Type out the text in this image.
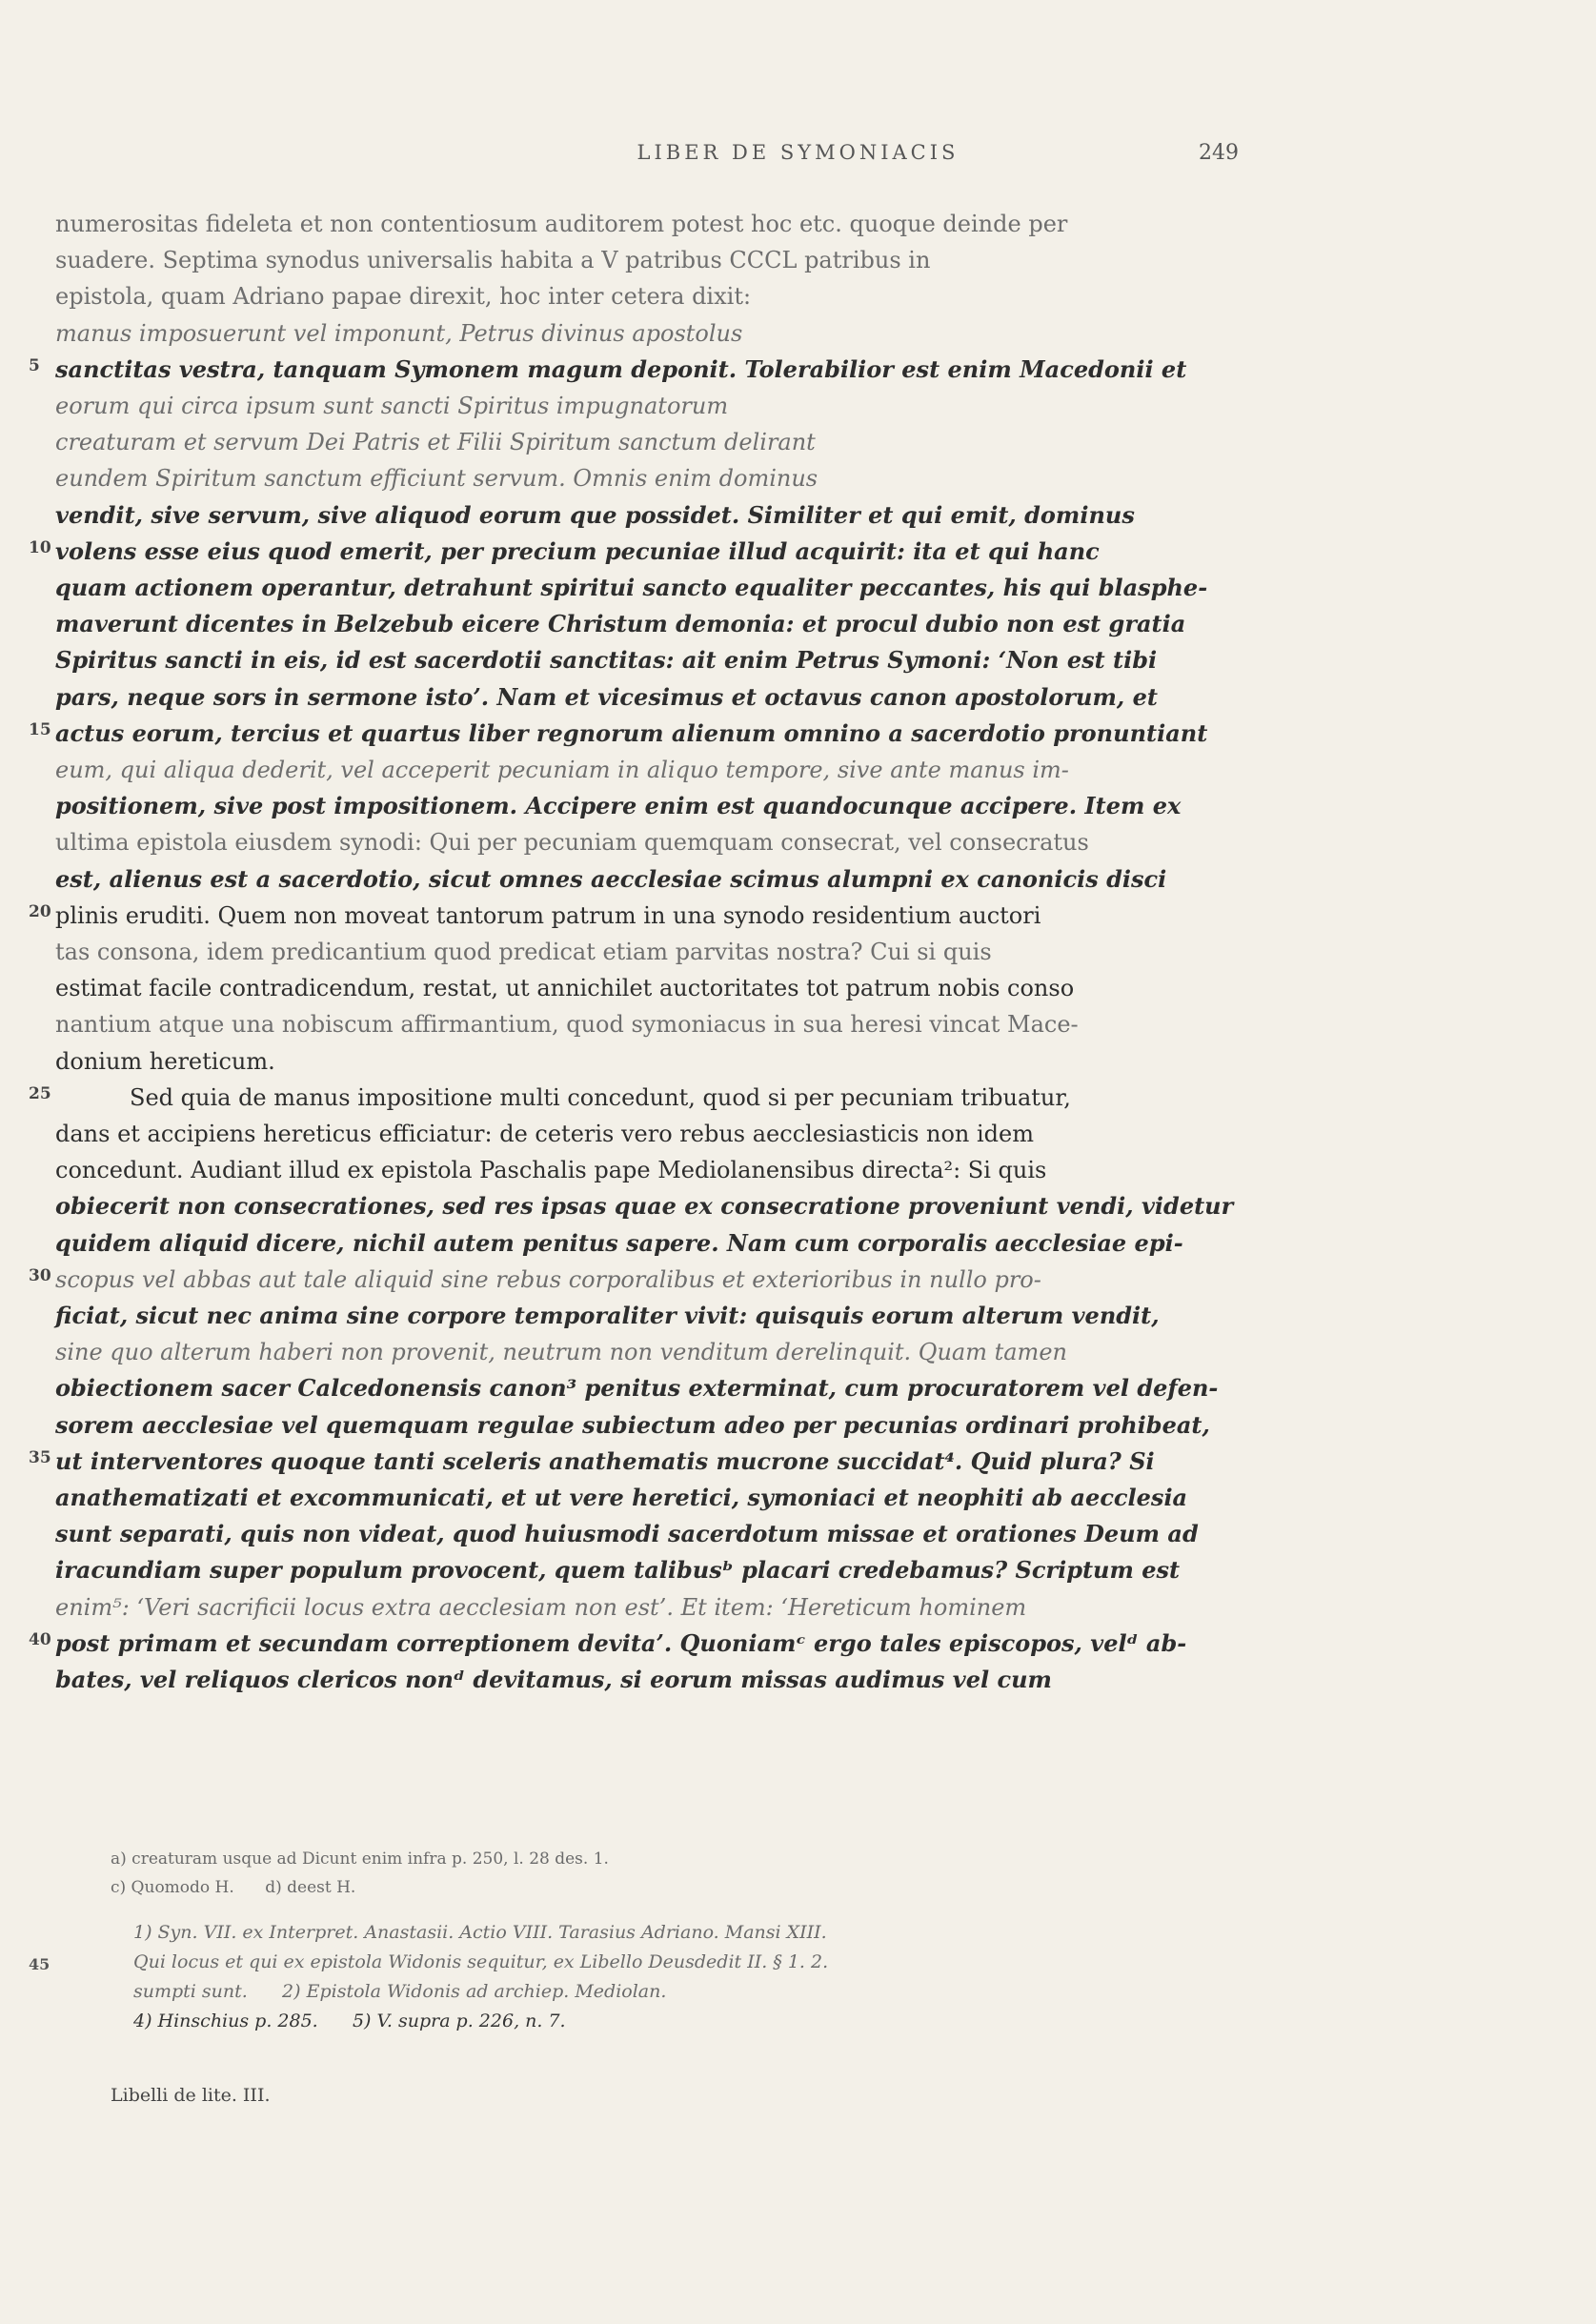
LIBER DE SYMONIACIS	249
numerositas fideleta et non contentiosum auditorem potest hoc etc. quoque deinde per
suadere. Septima synodus universalis habita a V patribus CCCL patribus in
epistola, quam Adriano papae direxit, hoc inter cetera dixit:
manus imposuerunt vel imponunt, Petrus divinus apostolus
5 sanctitas vestra, tanquam Symonem magum deponit. Tolerabilior est enim Macedonii et
eorum qui circa ipsum sunt sancti Spiritus impugnatorum
creaturam et servum Dei Patris et Filii Spiritum sanctum delirant
eundem Spiritum sanctum efficiunt servum. Omnis enim dominus
vendit, sive servum, sive aliquod eorum que possidet. Similiter et qui emit, dominus
10 volens esse eius quod emerit, per precium pecuniae illud acquirit: ita et qui hanc
quam actionem operantur, detrahunt spiritui sancto equaliter peccantes, his qui blasphe-
maverunt dicentes in Belzebub eicere Christum demonia: et procul dubio non est gratia
Spiritus sancti in eis, id est sacerdotii sanctitas: ait enim Petrus Symoni: ‘Non est tibi
pars, neque sors in sermone isto’. Nam et vicesimus et octavus canon apostolorum, et
15 actus eorum, tercius et quartus liber regnorum alienum omnino a sacerdotio pronuntiant
eum, qui aliqua dederit, vel acceperit pecuniam in aliquo tempore, sive ante manus im-
positionem, sive post impositionem. Accipere enim est quandocunque accipere. Item ex
ultima epistola eiusdem synodi: Qui per pecuniam quemquam consecrat, vel consecratus
est, alienus est a sacerdotio, sicut omnes aecclesiae scimus alumpni ex canonicis disci
20 plinis eruditi. Quem non moveat tantorum patrum in una synodo residentium auctori
tas consona, idem predicantium quod predicat etiam parvitas nostra? Cui si quis
estimat facile contradicendum, restat, ut annichilet auctoritates tot patrum nobis conso
nantium atque una nobiscum affirmantium, quod symoniacus in sua heresi vincat Mace-
donium hereticum.
25	Sed quia de manus impositione multi concedunt, quod si per pecuniam tribuatur,
dans et accipiens hereticus efficiatur: de ceteris vero rebus aecclesiasticis non idem
concedunt. Audiant illud ex epistola Paschalis pape Mediolanensibus directa²: Si quis
obiecerit non consecrationes, sed res ipsas quae ex consecratione proveniunt vendi, videtur
quidem aliquid dicere, nichil autem penitus sapere. Nam cum corporalis aecclesiae epi-
30 scopus vel abbas aut tale aliquid sine rebus corporalibus et exterioribus in nullo pro-
ficiat, sicut nec anima sine corpore temporaliter vivit: quisquis eorum alterum vendit,
sine quo alterum haberi non provenit, neutrum non venditum derelinquit. Quam tamen
obiectionem sacer Calcedonensis canon³ penitus exterminat, cum procuratorem vel defen-
sorem aecclesiae vel quemquam regulae subiectum adeo per pecunias ordinari prohibeat,
35 ut interventores quoque tanti sceleris anathematis mucrone succidat⁴. Quid plura? Si
anathematizati et excommunicati, et ut vere heretici, symoniaci et neophiti ab aecclesia
sunt separati, quis non videat, quod huiusmodi sacerdotum missae et orationes Deum ad
iracundiam super populum provocent, quem talibusᵇ placari credebamus? Scriptum est
enim⁵: ‘Veri sacrificii locus extra aecclesiam non est’. Et item: ‘Hereticum hominem
40 post primam et secundam correptionem devita’. Quoniamᶜ ergo tales episcopos, velᵈ ab-
bates, vel reliquos clericos nonᵈ devitamus, si eorum missas audimus vel cum
a) creaturam usque ad Dicunt enim infra p. 250, l. 28 des. 1.
c) Quomodo H.      d) deest H.
1) Syn. VII. ex Interpret. Anastasii. Actio VIII. Tarasius Adriano. Mansi XIII.
45	Qui locus et qui ex epistola Widonis sequitur, ex Libello Deusdedit II. § 1. 2.
sumpti sunt.      2) Epistola Widonis ad archiep. Mediolan.
4) Hinschius p. 285.      5) V. supra p. 226, n. 7.
Libelli de lite. III.
